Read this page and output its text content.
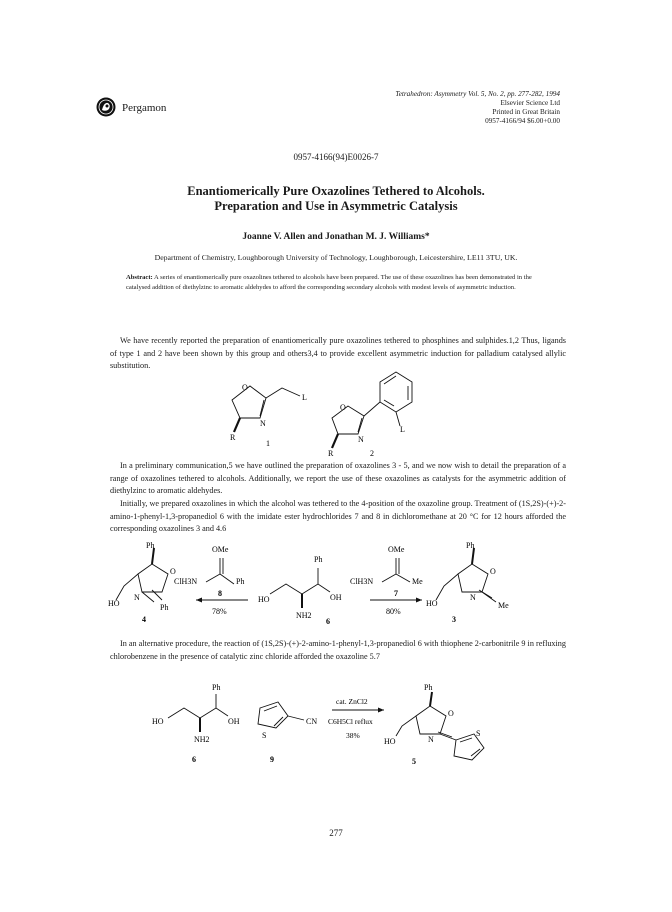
Pergamon
Tetrahedron: Asymmetry Vol. 5, No. 2, pp. 277-282, 1994
Elsevier Science Ltd
Printed in Great Britain
0957-4166/94 $6.00+0.00
0957-4166(94)E0026-7
Enantiomerically Pure Oxazolines Tethered to Alcohols.
Preparation and Use in Asymmetric Catalysis
Joanne V. Allen and Jonathan M. J. Williams*
Department of Chemistry, Loughborough University of Technology, Loughborough, Leicestershire, LE11 3TU, UK.
Abstract: A series of enantiomerically pure oxazolines tethered to alcohols have been prepared. The use of these oxazolines has been demonstrated in the catalysed addition of diethylzinc to aromatic aldehydes to afford the corresponding secondary alcohols with modest levels of asymmetric induction.
We have recently reported the preparation of enantiomerically pure oxazolines tethered to phosphines and sulphides.1,2 Thus, ligands of type 1 and 2 have been shown by this group and others3,4 to provide excellent asymmetric induction for palladium catalysed allylic substitution.
O
N
L
R
1
O
N
L
R	2
In a preliminary communication,5 we have outlined the preparation of oxazolines 3 - 5, and we now wish to detail the preparation of a range of oxazolines tethered to alcohols. Additionally, we report the use of these oxazolines as catalysts for the asymmetric addition of diethylzinc to aromatic aldehydes.
Initially, we prepared oxazolines in which the alcohol was tethered to the 4-position of the oxazoline group. Treatment of (1S,2S)-(+)-2-amino-1-phenyl-1,3-propanediol 6 with the imidate ester hydrochlorides 7 and 8 in dichloromethane at 20 °C for 12 hours afforded the corresponding oxazolines 3 and 4.6
Ph
O
N
HO	Ph
4
OMe
ClH3N	Ph
8
78%
Ph
HO	OH
NH2
6
OMe
ClH3N	Me
7
80%
Ph
O
N
HO	Me
3
In an alternative procedure, the reaction of (1S,2S)-(+)-2-amino-1-phenyl-1,3-propanediol 6 with thiophene 2-carbonitrile 9 in refluxing chlorobenzene in the presence of catalytic zinc chloride afforded the oxazoline 5.7
Ph
HO	OH
NH2
6
S
CN
9
cat. ZnCl2
C6H5Cl reflux
38%
Ph
O
N
HO
S
5
277
